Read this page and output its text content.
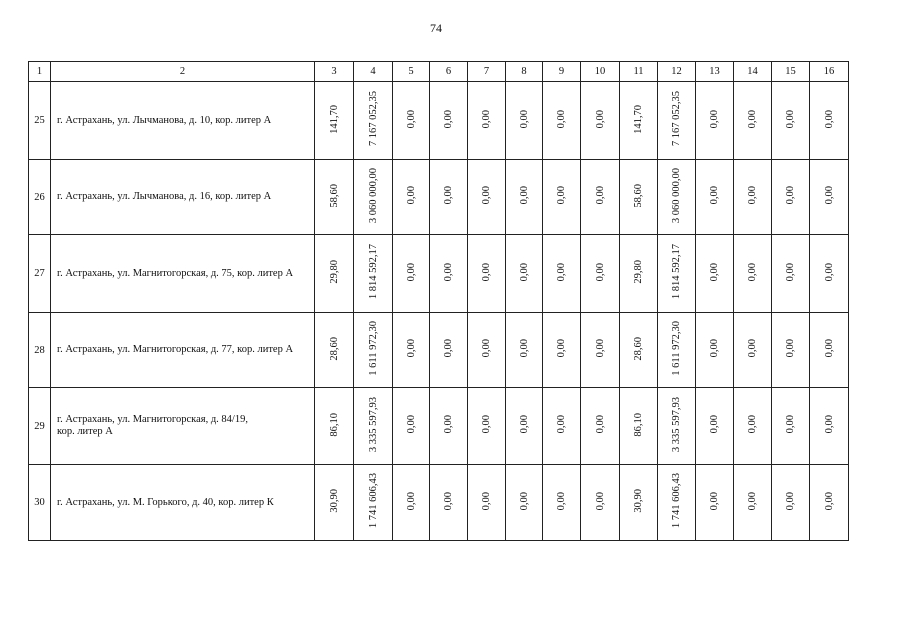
74
1	2	3	4	5	6	7	8	9	10	11	12	13	14	15	16
25	г. Астрахань, ул. Лычманова, д. 10, кор. литер А	141,70	7 167 052,35	0,00	0,00	0,00	0,00	0,00	0,00	141,70	7 167 052,35	0,00	0,00	0,00	0,00
26	г. Астрахань, ул. Лычманова, д. 16, кор. литер А	58,60	3 060 000,00	0,00	0,00	0,00	0,00	0,00	0,00	58,60	3 060 000,00	0,00	0,00	0,00	0,00
27	г. Астрахань, ул. Магнитогорская, д. 75, кор. литер А	29,80	1 814 592,17	0,00	0,00	0,00	0,00	0,00	0,00	29,80	1 814 592,17	0,00	0,00	0,00	0,00
28	г. Астрахань, ул. Магнитогорская, д. 77, кор. литер А	28,60	1 611 972,30	0,00	0,00	0,00	0,00	0,00	0,00	28,60	1 611 972,30	0,00	0,00	0,00	0,00
29	г. Астрахань, ул. Магнитогорская, д. 84/19,
кор. литер А	86,10	3 335 597,93	0,00	0,00	0,00	0,00	0,00	0,00	86,10	3 335 597,93	0,00	0,00	0,00	0,00
30	г. Астрахань, ул. М. Горького, д. 40, кор. литер К	30,90	1 741 606,43	0,00	0,00	0,00	0,00	0,00	0,00	30,90	1 741 606,43	0,00	0,00	0,00	0,00
